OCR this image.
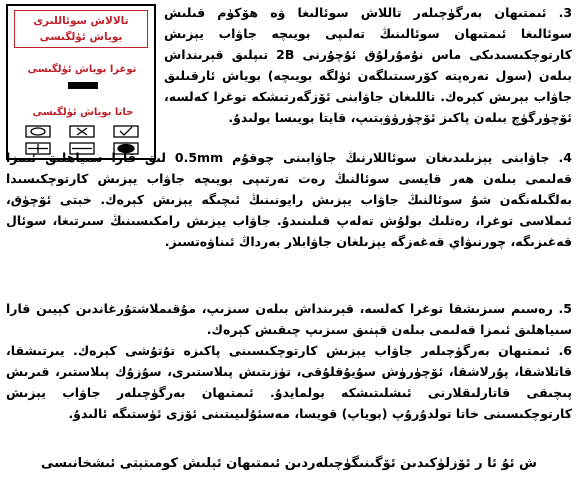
تالالاش سوئاللىرى
بوياش ئۈلگىسى
توغرا بوياش ئۈلگىسى
خاتا بوياش ئۈلگىسى

3. ئىمتىھان بەرگۈچىلەر تاللاش سوئالىغا ۋە ھۆكۈم قىلىش سوئالىغا ئىمتىھان سوئالىنىڭ تەلىپى بويىچە جاۋاب يېزىش كارتوچكىسىدىكى ماس نۇمۇرلۇق ئۇچۇرنى 2B تىپلىق قېرىنداش بىلەن (سول تەرەپتە كۆرسىتىلگەن ئۈلگە بويىچە) بوياش ئارقىلىق جاۋاب بېرىش كېرەك. تاللىغان جاۋابنى ئۆزگەرتىشكە توغرا كەلسە، ئۆچۈرگۈچ بىلەن پاكىز ئۆچۈرۈۋېتىپ، قايتا بويىسا بولىدۇ.

4. جاۋابنى يېزىلىدىغان سوئاللارنىڭ جاۋابىنى چوقۇم 0.5mm لىق قارا سىياھلىق ئىمزا قەلىمى بىلەن ھەر قايسى سوئالنىڭ رەت تەرتىپى بويىچە جاۋاب يېزىش كارتوچكىسىدا بەلگىلەنگەن شۇ سوئالنىڭ جاۋاب يېزىش رايونىنىڭ ئىچىگە يېزىش كېرەك. خېتى ئۆچۈق، ئىملاسى توغرا، رەتلىك بولۇش تەلەپ قىلىنىدۇ. جاۋاب يېزىش رامكىسىنىڭ سىرتىغا، سوئال قەغىزىگە، چورنىۋاي قەغەزگە يېزىلغان جاۋابلار بەرداڭ ئىناۋەتسىز.

5. رەسىم سىزىشقا توغرا كەلسە، قېرىنداش بىلەن سىزىپ، مۇقىملاشتۇرغاندىن كېيىن قارا سىياھلىق ئىمزا قەلىمى بىلەن قېنىق سىزىپ چىقىش كېرەك.

6. ئىمتىھان بەرگۈچىلەر جاۋاب يېزىش كارتوچكىسىنى پاكىزە تۇتۇشى كېرەك. يىرتىشقا، قاتلاشقا، پۇرلاشقا، ئۆچۈرۈش سۇيۇقلۇقى، تۈزىتىش پىلاستىرى، سۇزۇك پىلاستىر، قىرىش پىچىقى قاتارلىقلارنى ئىشلىتىشكە بولمايدۇ. ئىمتىھان بەرگۈچىلەر جاۋاب يېزىش كارتوچكىسىنى خاتا تولدۇرۇپ (بوياپ) قويسا، مەسئۇلىيىتىنى ئۆزى ئۈستىگە ئالىدۇ.

ش ئۇ ئا ر ئۆزلۈكىدىن ئۆگىنىگۈچىلەردىن ئىمتىھان ئېلىش كومىتېتى ئىشخانىسى
